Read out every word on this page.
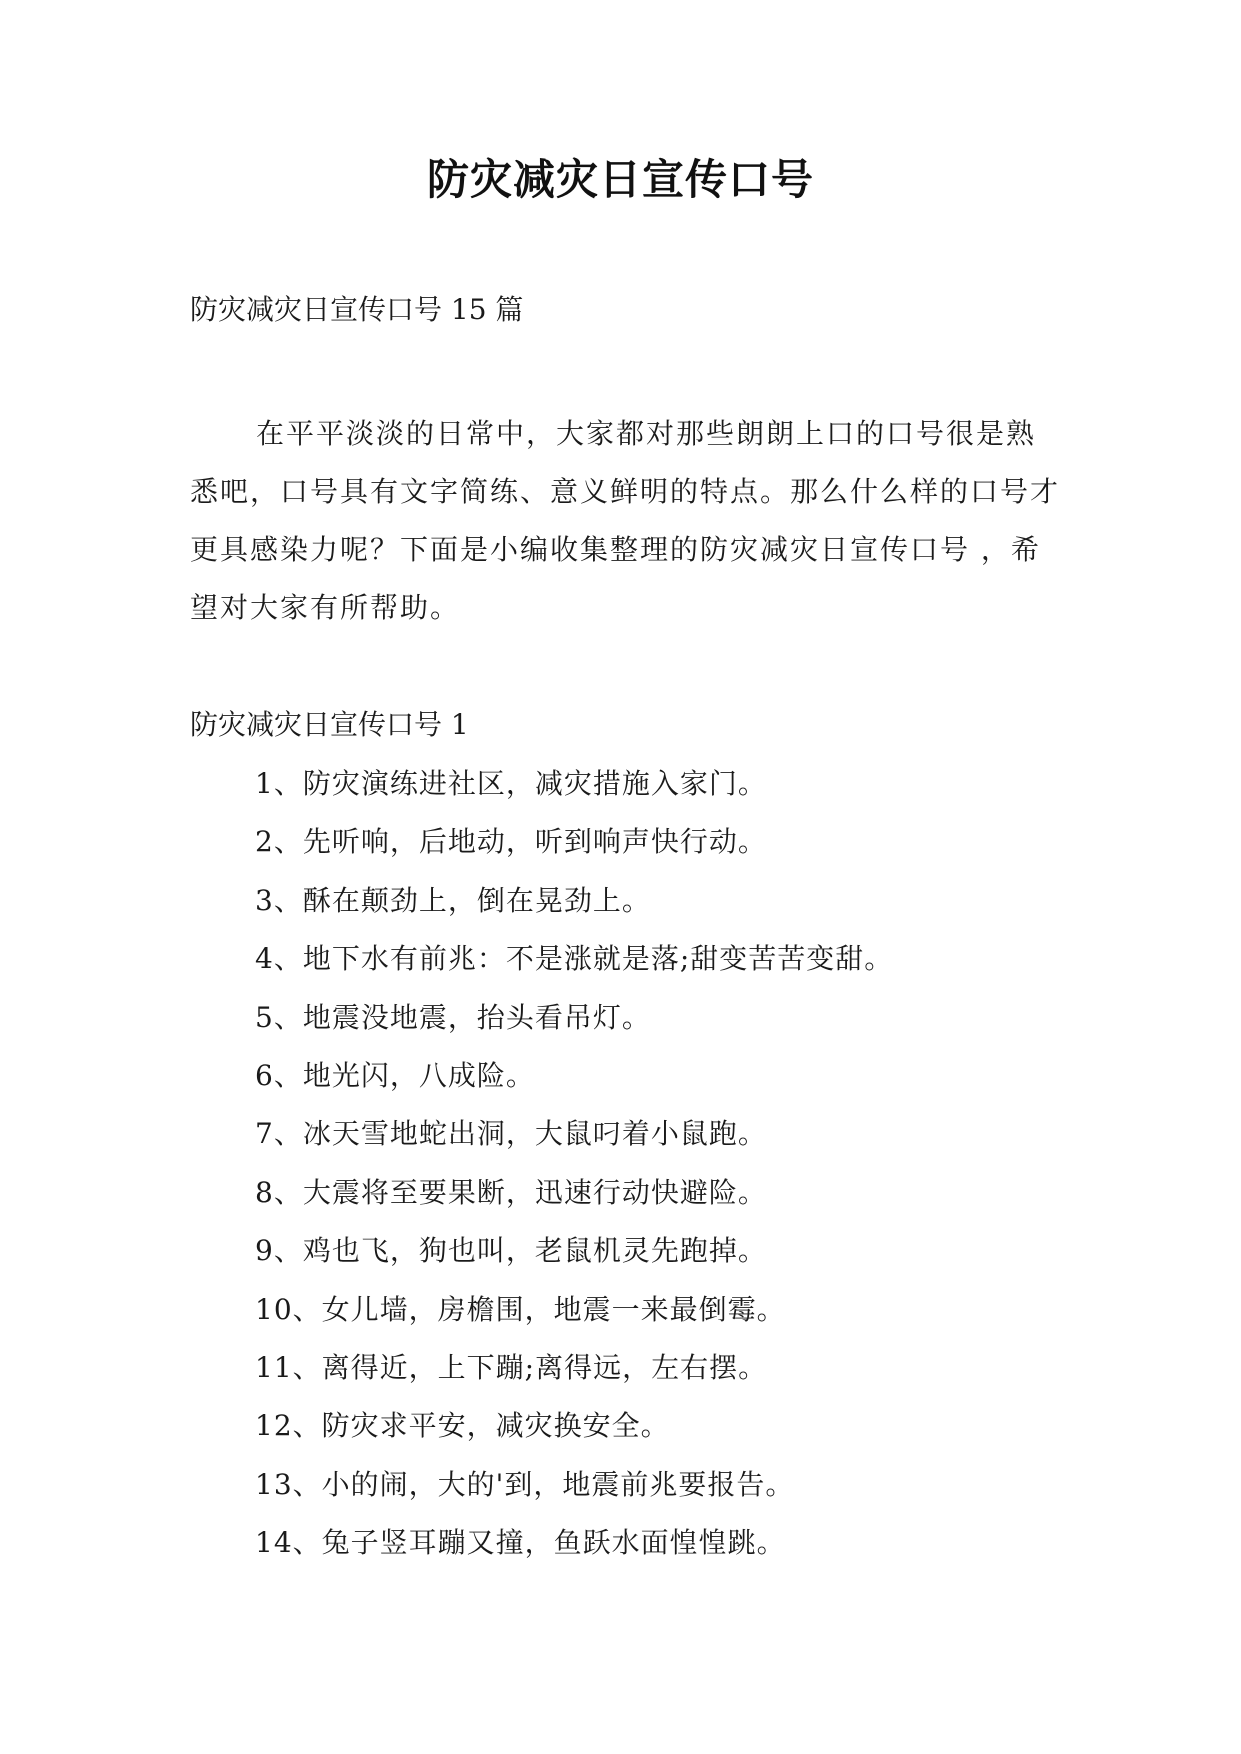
防灾减灾日宣传口号
防灾减灾日宣传口号 15 篇

在平平淡淡的日常中，大家都对那些朗朗上口的口号很是熟悉吧，口号具有文字简练、意义鲜明的特点。那么什么样的口号才更具感染力呢？下面是小编收集整理的防灾减灾日宣传口号 ，希望对大家有所帮助。

防灾减灾日宣传口号 1
1、防灾演练进社区，减灾措施入家门。
2、先听响，后地动，听到响声快行动。
3、酥在颠劲上，倒在晃劲上。
4、地下水有前兆：不是涨就是落;甜变苦苦变甜。
5、地震没地震，抬头看吊灯。
6、地光闪，八成险。
7、冰天雪地蛇出洞，大鼠叼着小鼠跑。
8、大震将至要果断，迅速行动快避险。
9、鸡也飞，狗也叫，老鼠机灵先跑掉。
10、女儿墙，房檐围，地震一来最倒霉。
11、离得近，上下蹦;离得远，左右摆。
12、防灾求平安，减灾换安全。
13、小的闹，大的'到，地震前兆要报告。
14、兔子竖耳蹦又撞，鱼跃水面惶惶跳。
